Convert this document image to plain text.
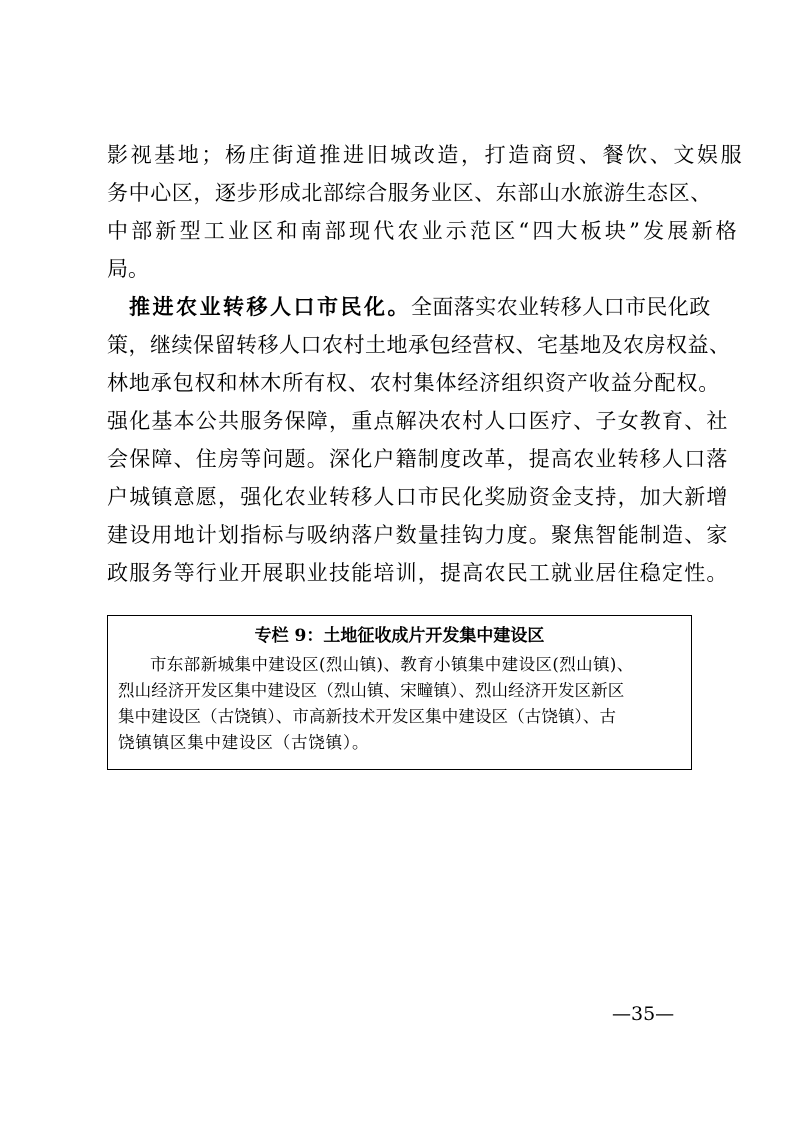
影视基地；杨庄街道推进旧城改造，打造商贸、餐饮、文娱服
务中心区，逐步形成北部综合服务业区、东部山水旅游生态区、
中部新型工业区和南部现代农业示范区“四大板块”发展新格
局。
推进农业转移人口市民化。全面落实农业转移人口市民化政
策，继续保留转移人口农村土地承包经营权、宅基地及农房权益、
林地承包权和林木所有权、农村集体经济组织资产收益分配权。
强化基本公共服务保障，重点解决农村人口医疗、子女教育、社
会保障、住房等问题。深化户籍制度改革，提高农业转移人口落
户城镇意愿，强化农业转移人口市民化奖励资金支持，加大新增
建设用地计划指标与吸纳落户数量挂钩力度。聚焦智能制造、家
政服务等行业开展职业技能培训，提高农民工就业居住稳定性。
专栏 9：土地征收成片开发集中建设区
市东部新城集中建设区(烈山镇)、教育小镇集中建设区(烈山镇)、
烈山经济开发区集中建设区（烈山镇、宋疃镇）、烈山经济开发区新区
集中建设区（古饶镇）、市高新技术开发区集中建设区（古饶镇）、古
饶镇镇区集中建设区（古饶镇）。
—35—
